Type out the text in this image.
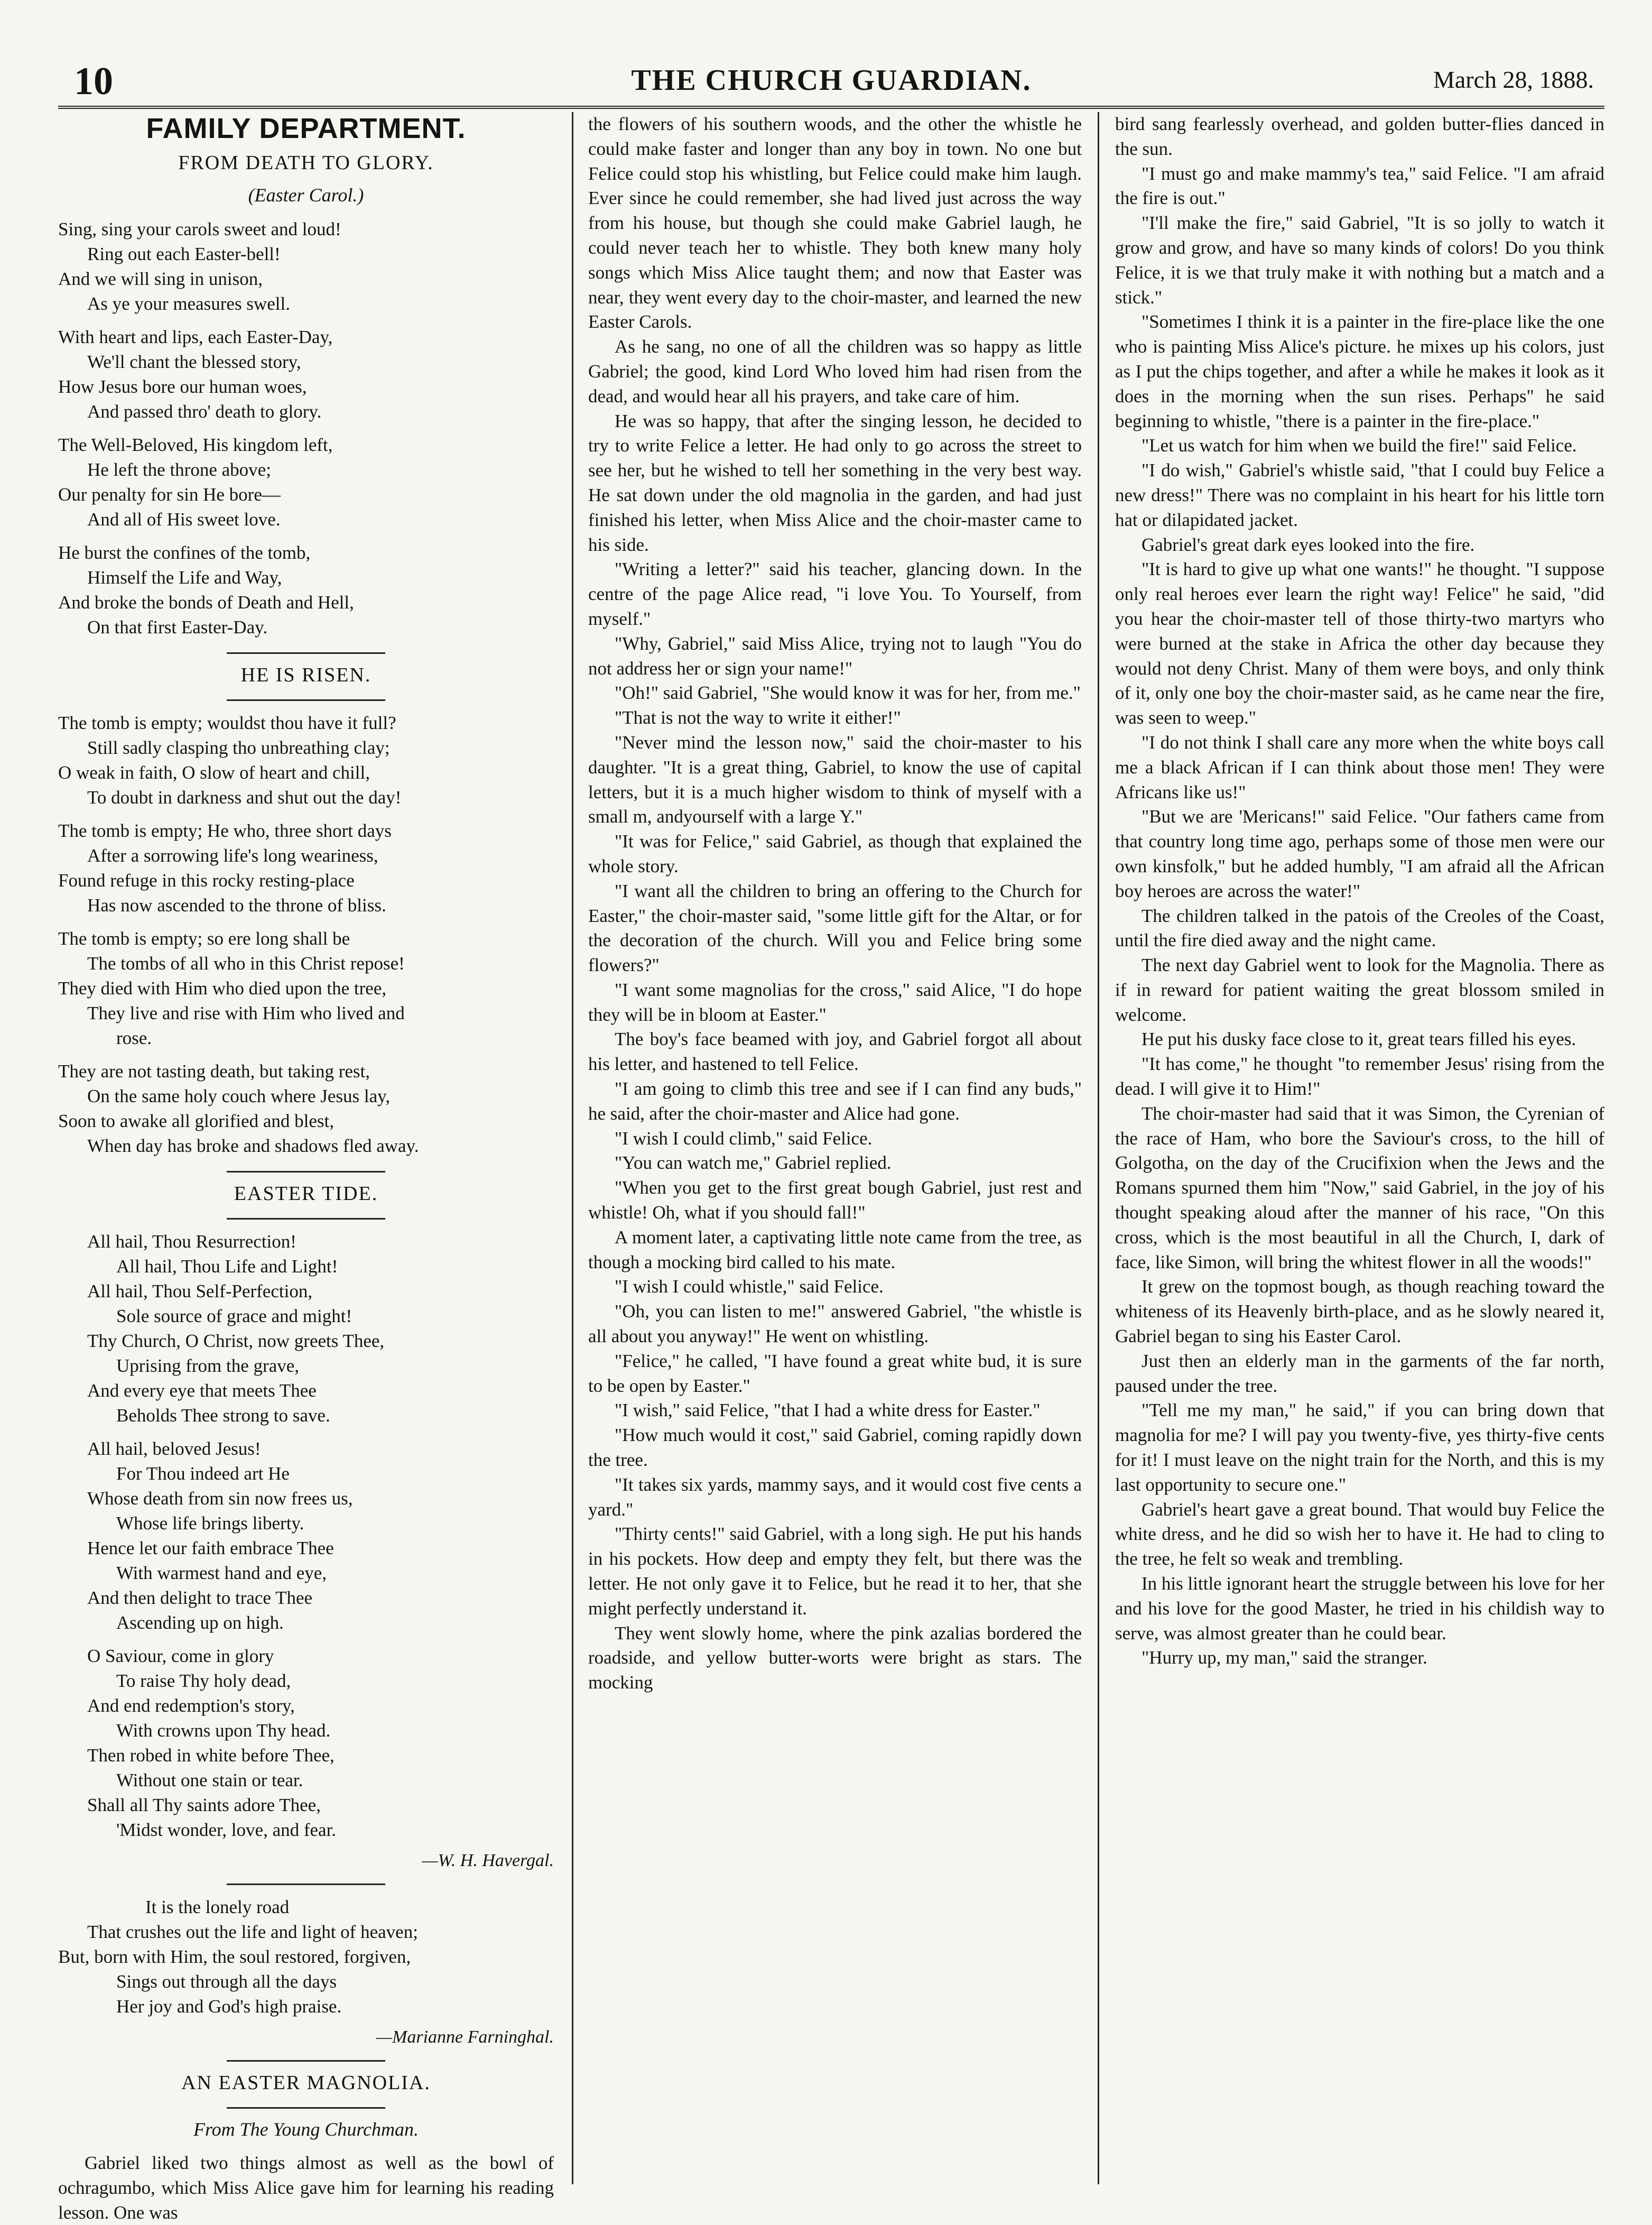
10	THE CHURCH GUARDIAN.	March 28, 1888.
FAMILY DEPARTMENT.
FROM DEATH TO GLORY.
(Easter Carol.)
Sing, sing your carols sweet and loud!
Ring out each Easter-bell!
And we will sing in unison,
As ye your measures swell.
With heart and lips, each Easter-Day,
We'll chant the blessed story,
How Jesus bore our human woes,
And passed thro' death to glory.
The Well-Beloved, His kingdom left,
He left the throne above;
Our penalty for sin He bore—
And all of His sweet love.
He burst the confines of the tomb,
Himself the Life and Way,
And broke the bonds of Death and Hell,
On that first Easter-Day.
HE IS RISEN.
The tomb is empty; wouldst thou have it full?
Still sadly clasping tho unbreathing clay;
O weak in faith, O slow of heart and chill,
To doubt in darkness and shut out the day!
The tomb is empty; He who, three short days
After a sorrowing life's long weariness,
Found refuge in this rocky resting-place
Has now ascended to the throne of bliss.
The tomb is empty; so ere long shall be
The tombs of all who in this Christ repose!
They died with Him who died upon the tree,
They live and rise with Him who lived and
rose.
They are not tasting death, but taking rest,
On the same holy couch where Jesus lay,
Soon to awake all glorified and blest,
When day has broke and shadows fled away.
EASTER TIDE.
All hail, Thou Resurrection!
All hail, Thou Life and Light!
All hail, Thou Self-Perfection,
Sole source of grace and might!
Thy Church, O Christ, now greets Thee,
Uprising from the grave,
And every eye that meets Thee
Beholds Thee strong to save.
All hail, beloved Jesus!
For Thou indeed art He
Whose death from sin now frees us,
Whose life brings liberty.
Hence let our faith embrace Thee
With warmest hand and eye,
And then delight to trace Thee
Ascending up on high.
O Saviour, come in glory
To raise Thy holy dead,
And end redemption's story,
With crowns upon Thy head.
Then robed in white before Thee,
Without one stain or tear.
Shall all Thy saints adore Thee,
'Midst wonder, love, and fear.
—W. H. Havergal.
It is the lonely road
That crushes out the life and light of heaven;
But, born with Him, the soul restored, forgiven,
Sings out through all the days
Her joy and God's high praise.
—Marianne Farninghal.
AN EASTER MAGNOLIA.
From The Young Churchman.

Gabriel liked two things almost as well as the bowl of ochragumbo, which Miss Alice gave him for learning his reading lesson. One was

the flowers of his southern woods, and the other the whistle he could make faster and longer than any boy in town. No one but Felice could stop his whistling, but Felice could make him laugh. Ever since he could remember, she had lived just across the way from his house, but though she could make Gabriel laugh, he could never teach her to whistle. They both knew many holy songs which Miss Alice taught them; and now that Easter was near, they went every day to the choir-master, and learned the new Easter Carols.

As he sang, no one of all the children was so happy as little Gabriel; the good, kind Lord Who loved him had risen from the dead, and would hear all his prayers, and take care of him.

He was so happy, that after the singing lesson, he decided to try to write Felice a letter. He had only to go across the street to see her, but he wished to tell her something in the very best way. He sat down under the old magnolia in the garden, and had just finished his letter, when Miss Alice and the choir-master came to his side.

"Writing a letter?" said his teacher, glancing down. In the centre of the page Alice read, "i love You. To Yourself, from myself."

"Why, Gabriel," said Miss Alice, trying not to laugh "You do not address her or sign your name!"

"Oh!" said Gabriel, "She would know it was for her, from me."

"That is not the way to write it either!"

"Never mind the lesson now," said the choir-master to his daughter. "It is a great thing, Gabriel, to know the use of capital letters, but it is a much higher wisdom to think of myself with a small m, andyourself with a large Y."

"It was for Felice," said Gabriel, as though that explained the whole story.

"I want all the children to bring an offering to the Church for Easter," the choir-master said, "some little gift for the Altar, or for the decoration of the church. Will you and Felice bring some flowers?"

"I want some magnolias for the cross," said Alice, "I do hope they will be in bloom at Easter."

The boy's face beamed with joy, and Gabriel forgot all about his letter, and hastened to tell Felice.

"I am going to climb this tree and see if I can find any buds," he said, after the choir-master and Alice had gone.

"I wish I could climb," said Felice.

"You can watch me," Gabriel replied.

"When you get to the first great bough Gabriel, just rest and whistle! Oh, what if you should fall!"

A moment later, a captivating little note came from the tree, as though a mocking bird called to his mate.

"I wish I could whistle," said Felice.

"Oh, you can listen to me!" answered Gabriel, "the whistle is all about you anyway!" He went on whistling.

"Felice," he called, "I have found a great white bud, it is sure to be open by Easter."

"I wish," said Felice, "that I had a white dress for Easter."

"How much would it cost," said Gabriel, coming rapidly down the tree.

"It takes six yards, mammy says, and it would cost five cents a yard."

"Thirty cents!" said Gabriel, with a long sigh. He put his hands in his pockets. How deep and empty they felt, but there was the letter. He not only gave it to Felice, but he read it to her, that she might perfectly understand it.

They went slowly home, where the pink azalias bordered the roadside, and yellow butter-worts were bright as stars. The mocking

bird sang fearlessly overhead, and golden butter-flies danced in the sun.

"I must go and make mammy's tea," said Felice. "I am afraid the fire is out."

"I'll make the fire," said Gabriel, "It is so jolly to watch it grow and grow, and have so many kinds of colors! Do you think Felice, it is we that truly make it with nothing but a match and a stick."

"Sometimes I think it is a painter in the fire-place like the one who is painting Miss Alice's picture. he mixes up his colors, just as I put the chips together, and after a while he makes it look as it does in the morning when the sun rises. Perhaps" he said beginning to whistle, "there is a painter in the fire-place."

"Let us watch for him when we build the fire!" said Felice.

"I do wish," Gabriel's whistle said, "that I could buy Felice a new dress!" There was no complaint in his heart for his little torn hat or dilapidated jacket.

Gabriel's great dark eyes looked into the fire.

"It is hard to give up what one wants!" he thought. "I suppose only real heroes ever learn the right way! Felice" he said, "did you hear the choir-master tell of those thirty-two martyrs who were burned at the stake in Africa the other day because they would not deny Christ. Many of them were boys, and only think of it, only one boy the choir-master said, as he came near the fire, was seen to weep."

"I do not think I shall care any more when the white boys call me a black African if I can think about those men! They were Africans like us!"

"But we are 'Mericans!" said Felice. "Our fathers came from that country long time ago, perhaps some of those men were our own kinsfolk," but he added humbly, "I am afraid all the African boy heroes are across the water!"

The children talked in the patois of the Creoles of the Coast, until the fire died away and the night came.

The next day Gabriel went to look for the Magnolia. There as if in reward for patient waiting the great blossom smiled in welcome.

He put his dusky face close to it, great tears filled his eyes.

"It has come," he thought "to remember Jesus' rising from the dead. I will give it to Him!"

The choir-master had said that it was Simon, the Cyrenian of the race of Ham, who bore the Saviour's cross, to the hill of Golgotha, on the day of the Crucifixion when the Jews and the Romans spurned them him "Now," said Gabriel, in the joy of his thought speaking aloud after the manner of his race, "On this cross, which is the most beautiful in all the Church, I, dark of face, like Simon, will bring the whitest flower in all the woods!"

It grew on the topmost bough, as though reaching toward the whiteness of its Heavenly birth-place, and as he slowly neared it, Gabriel began to sing his Easter Carol.

Just then an elderly man in the garments of the far north, paused under the tree.

"Tell me my man," he said," if you can bring down that magnolia for me? I will pay you twenty-five, yes thirty-five cents for it! I must leave on the night train for the North, and this is my last opportunity to secure one."

Gabriel's heart gave a great bound. That would buy Felice the white dress, and he did so wish her to have it. He had to cling to the tree, he felt so weak and trembling.

In his little ignorant heart the struggle between his love for her and his love for the good Master, he tried in his childish way to serve, was almost greater than he could bear.

"Hurry up, my man," said the stranger.
